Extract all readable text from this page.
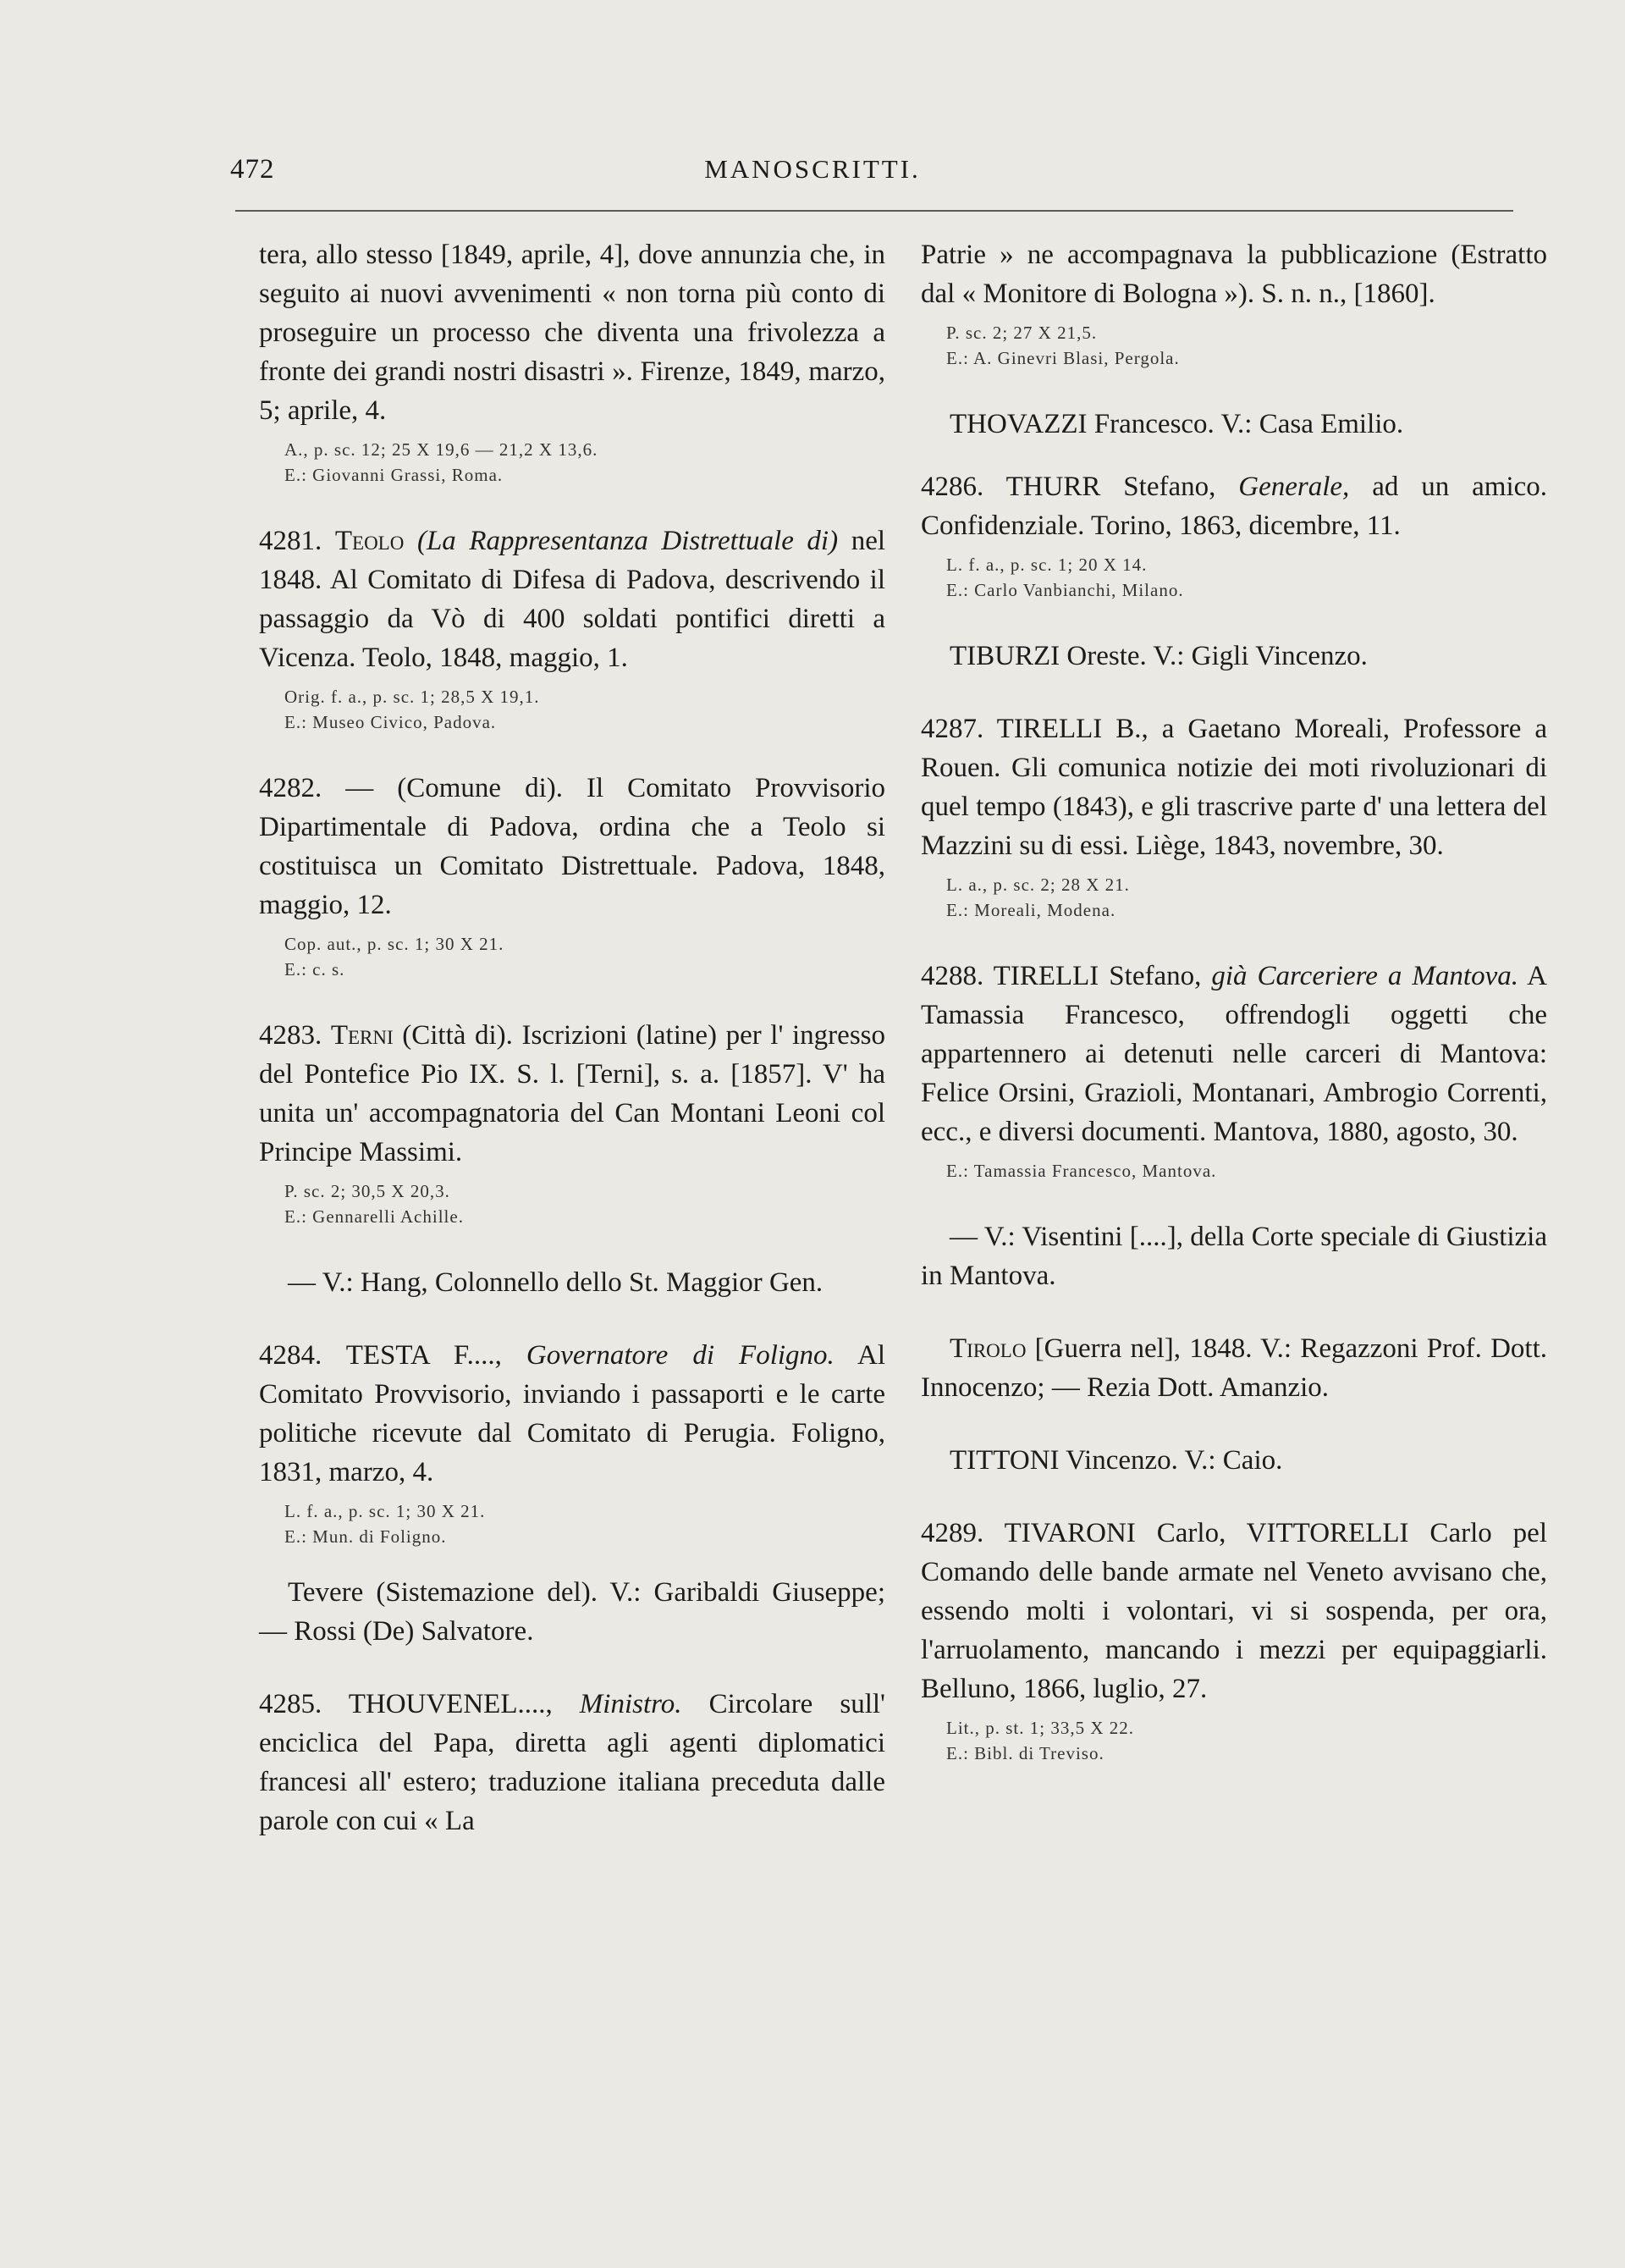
472	MANOSCRITTI.
tera, allo stesso [1849, aprile, 4], dove annunzia che, in seguito ai nuovi avvenimenti « non torna più conto di proseguire un processo che diventa una frivolezza a fronte dei grandi nostri disastri ». Firenze, 1849, marzo, 5; aprile, 4.
A., p. sc. 12; 25 X 19,6 — 21,2 X 13,6.
E.: Giovanni Grassi, Roma.
4281. Teolo (La Rappresentanza Distrettuale di) nel 1848. Al Comitato di Difesa di Padova, descrivendo il passaggio da Vò di 400 soldati pontifici diretti a Vicenza. Teolo, 1848, maggio, 1.
Orig. f. a., p. sc. 1; 28,5 X 19,1.
E.: Museo Civico, Padova.
4282. — (Comune di). Il Comitato Provvisorio Dipartimentale di Padova, ordina che a Teolo si costituisca un Comitato Distrettuale. Padova, 1848, maggio, 12.
Cop. aut., p. sc. 1; 30 X 21.
E.: c. s.
4283. Terni (Città di). Iscrizioni (latine) per l' ingresso del Pontefice Pio IX. S. l. [Terni], s. a. [1857]. V' ha unita un' accompagnatoria del Can Montani Leoni col Principe Massimi.
P. sc. 2; 30,5 X 20,3.
E.: Gennarelli Achille.
— V.: Hang, Colonnello dello St. Maggior Gen.
4284. TESTA F...., Governatore di Foligno. Al Comitato Provvisorio, inviando i passaporti e le carte politiche ricevute dal Comitato di Perugia. Foligno, 1831, marzo, 4.
L. f. a., p. sc. 1; 30 X 21.
E.: Mun. di Foligno.
Tevere (Sistemazione del). V.: Garibaldi Giuseppe; — Rossi (De) Salvatore.
4285. THOUVENEL...., Ministro. Circolare sull' enciclica del Papa, diretta agli agenti diplomatici francesi all' estero; traduzione italiana preceduta dalle parole con cui « La
Patrie » ne accompagnava la pubblicazione (Estratto dal « Monitore di Bologna »). S. n. n., [1860].
P. sc. 2; 27 X 21,5.
E.: A. Ginevri Blasi, Pergola.
THOVAZZI Francesco. V.: Casa Emilio.
4286. THURR Stefano, Generale, ad un amico. Confidenziale. Torino, 1863, dicembre, 11.
L. f. a., p. sc. 1; 20 X 14.
E.: Carlo Vanbianchi, Milano.
TIBURZI Oreste. V.: Gigli Vincenzo.
4287. TIRELLI B., a Gaetano Moreali, Professore a Rouen. Gli comunica notizie dei moti rivoluzionari di quel tempo (1843), e gli trascrive parte d' una lettera del Mazzini su di essi. Liège, 1843, novembre, 30.
L. a., p. sc. 2; 28 X 21.
E.: Moreali, Modena.
4288. TIRELLI Stefano, già Carceriere a Mantova. A Tamassia Francesco, offrendogli oggetti che appartennero ai detenuti nelle carceri di Mantova: Felice Orsini, Grazioli, Montanari, Ambrogio Correnti, ecc., e diversi documenti. Mantova, 1880, agosto, 30.
E.: Tamassia Francesco, Mantova.
— V.: Visentini [....], della Corte speciale di Giustizia in Mantova.
Tirolo [Guerra nel], 1848. V.: Regazzoni Prof. Dott. Innocenzo; — Rezia Dott. Amanzio.
TITTONI Vincenzo. V.: Caio.
4289. TIVARONI Carlo, VITTORELLI Carlo pel Comando delle bande armate nel Veneto avvisano che, essendo molti i volontari, vi si sospenda, per ora, l'arruolamento, mancando i mezzi per equipaggiarli. Belluno, 1866, luglio, 27.
Lit., p. st. 1; 33,5 X 22.
E.: Bibl. di Treviso.
